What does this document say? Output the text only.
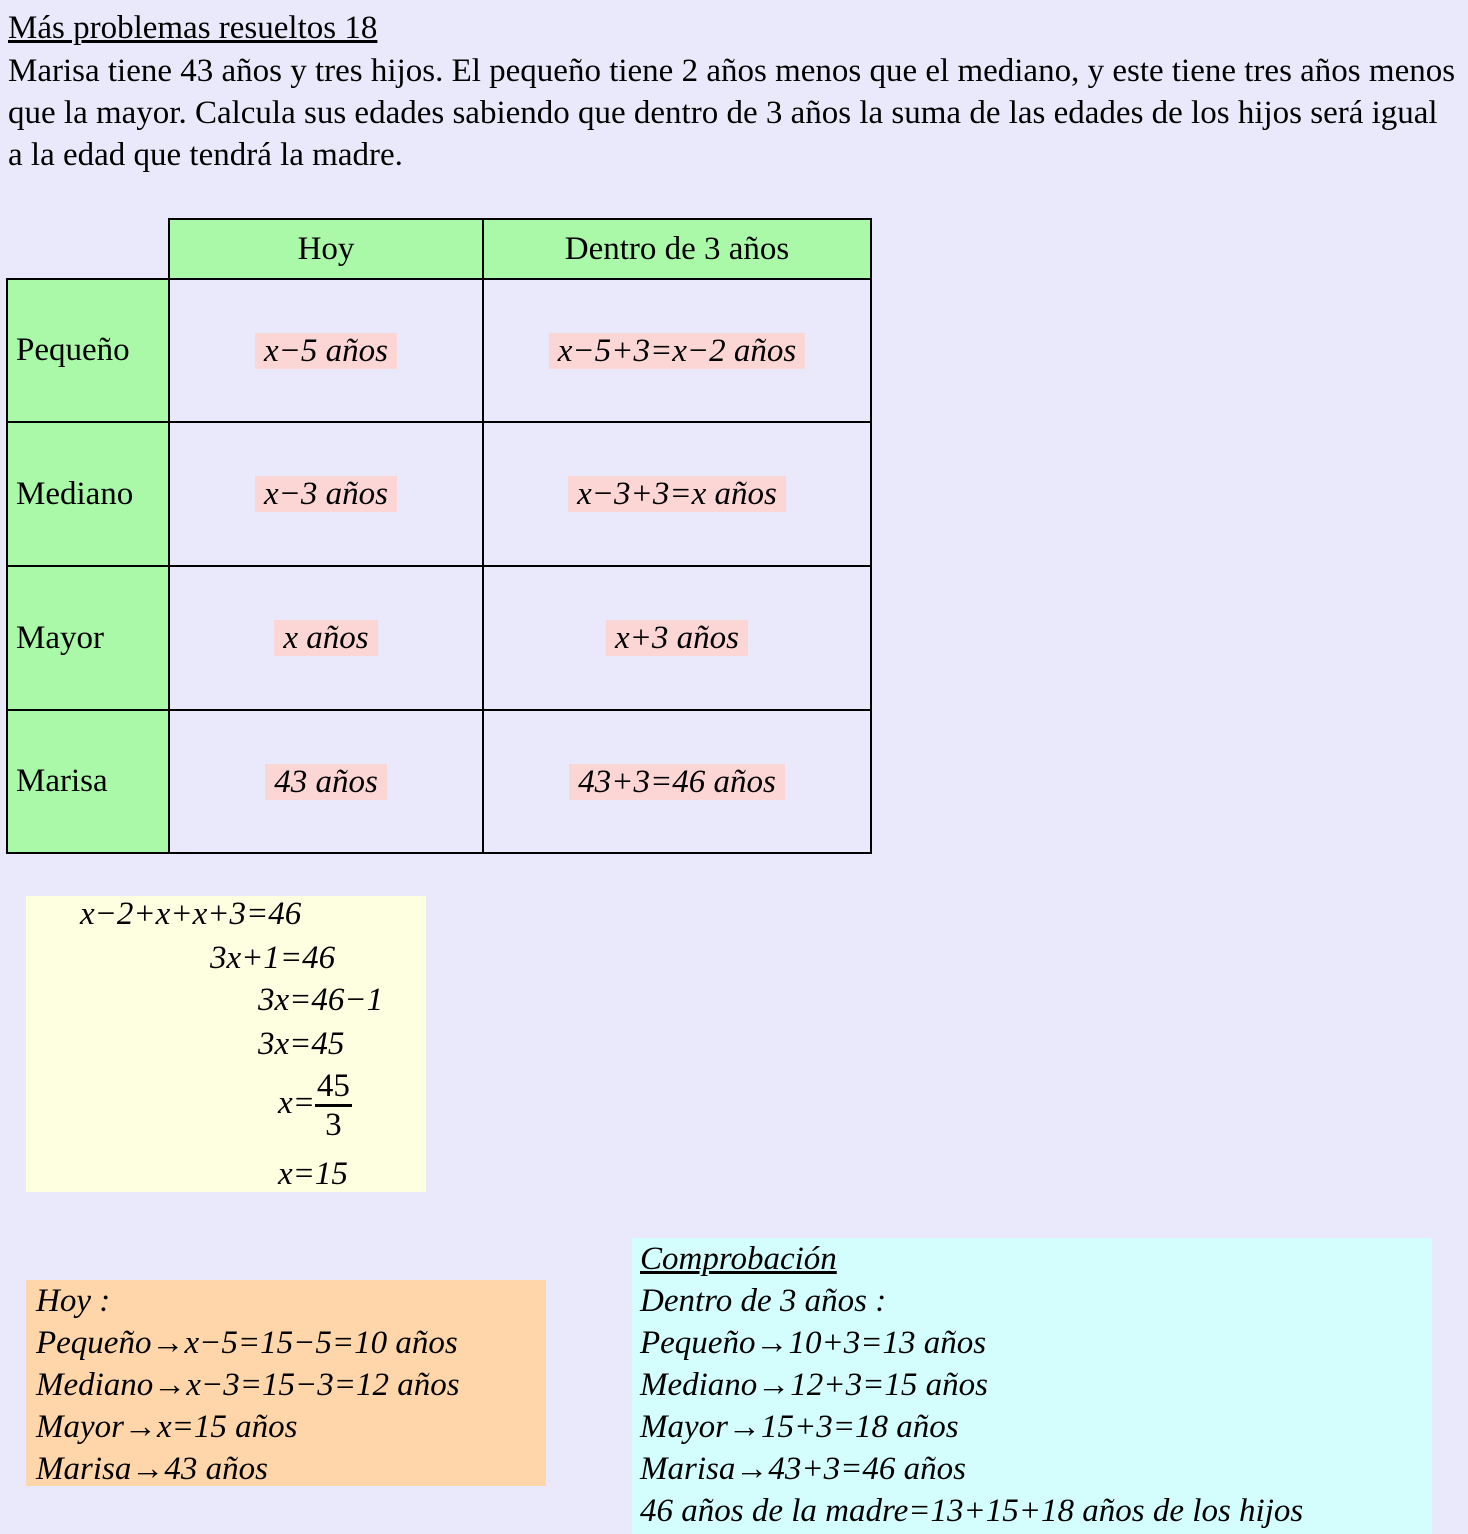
Más problemas resueltos 18
Marisa tiene 43 años y tres hijos. El pequeño tiene 2 años menos que el mediano, y este tiene tres años menos que la mayor. Calcula sus edades sabiendo que dentro de 3 años la suma de las edades de los hijos será igual a la edad que tendrá la madre.
Hoy	Dentro de 3 años
Pequeño	x−5 años	x−5+3=x−2 años
Mediano	x−3 años	x−3+3=x años
Mayor	x años	x+3 años
Marisa	43 años	43+3=46 años
x−2+x+x+3=46
3x+1=46
3x=46−1
3x=45
$x= \frac{45}{3}$
x=15
Hoy :
Pequeño→x−5=15−5=10 años
Mediano→x−3=15−3=12 años
Mayor→x=15 años
Marisa→43 años
Comprobación
Dentro de 3 años :
Pequeño→10+3=13 años
Mediano→12+3=15 años
Mayor→15+3=18 años
Marisa→43+3=46 años
46 años de la madre=13+15+18 años de los hijos
